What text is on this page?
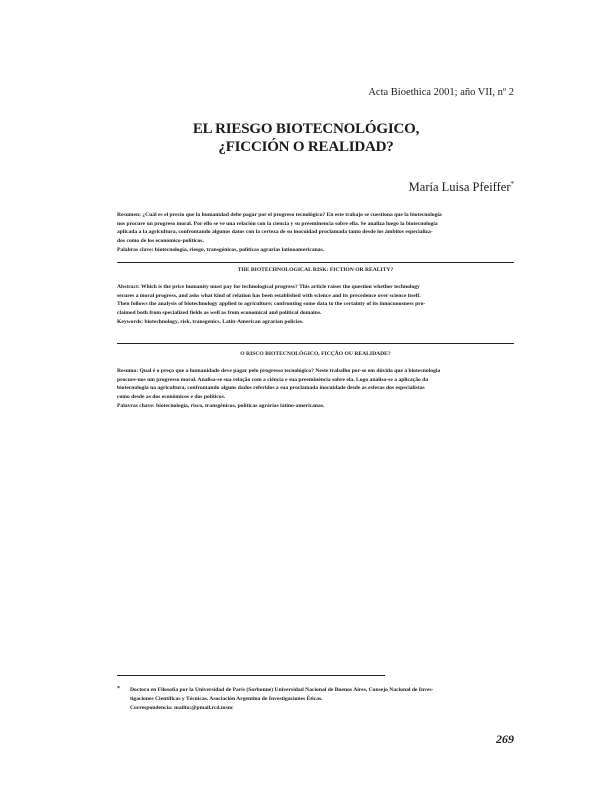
Acta Bioethica 2001; año VII, nº 2
EL RIESGO BIOTECNOLÓGICO,
¿FICCIÓN O REALIDAD?
María Luisa Pfeiffer*

Resumen: ¿Cuál es el precio que la humanidad debe pagar por el progreso tecnológico? En este trabajo se cuestiona que la biotecnología

nos procure un progreso moral. Por ello se ve una relación con la ciencia y su preeminencia sobre ella. Se analiza luego la biotecnología

aplicada a la agricultura, confrontando algunos datos con la certeza de su inocuidad proclamada tanto desde los ámbitos especializa-

dos como de los económico-políticos.

Palabras clave: biotecnología, riesgo, transgénicos, políticas agrarias latinoamericanas.

THE BIOTECHNOLOGICAL RISK: FICTION OR REALITY?

Abstract: Which is the price humanity must pay for technological progress? This article raises the question whether technology

secures a moral progress, and asks what kind of relation has been established with science and its precedence over science itself.

Then follows the analysis of biotechnology applied to agriculture; confronting some data to the certainty of its innocuousness pro-

claimed both from specialized fields as well as from economical and political domains.

Keywords: biotechnology, risk, transgenics, Latin-American agrarian policies.

O RISCO BIOTECNOLÓGICO, FICÇÃO OU REALIDADE?

Resumo: Qual é o preço que a humanidade deve pagar pelo progresso tecnológico? Neste trabalho por-se em dúvida que a biotecnologia

procure-nos um progresso moral. Analisa-se sua relação com a ciência e sua preeminência sobre ela. Logo analisa-se a aplicação da

biotecnologia na agricultura, confrontando alguns dados referidos a sua proclamada inocuidade desde as esferas dos especialistas

como desde as dos econômicos e dos políticos.

Palavras chave: biotecnologia, risco, transgênicos, políticas agrárias latino-americanas.

* Doctora en Filosofía por la Universidad de París (Sorbonne) Universidad Nacional de Buenos Aires, Consejo Nacional de Inves-

tigaciones Científicas y Técnicas. Asociación Argentina de Investigaciones Éticas.

Correspondencia: mailto:@pmail.rcd.msnc

269
